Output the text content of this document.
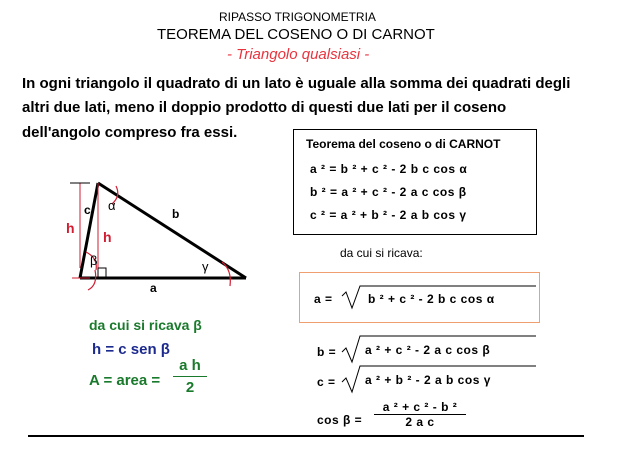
RIPASSO TRIGONOMETRIA
TEOREMA DEL COSENO O DI CARNOT
- Triangolo qualsiasi -
In ogni triangolo il quadrato di un lato è uguale alla somma dei quadrati degli
altri due lati, meno il doppio prodotto di questi due lati per il coseno
dell'angolo compreso fra essi.
Teorema del coseno o di CARNOT
a ² = b ² + c ² - 2 b c cos α
b ² = a ² + c ² - 2 a c cos β
c ² = a ² + b ² - 2 a b cos γ
h
h
c α
b
β	γ
a
da cui si ricava:
a =	b ² + c ² - 2 b c cos α
b = a ² + c ² - 2 a c cos β
c = a ² + b ² - 2 a b cos γ
cos β =
a ² + c ² - b ²
2 a c
da cui si ricava β
h = c sen β
A = area =
a h
2
